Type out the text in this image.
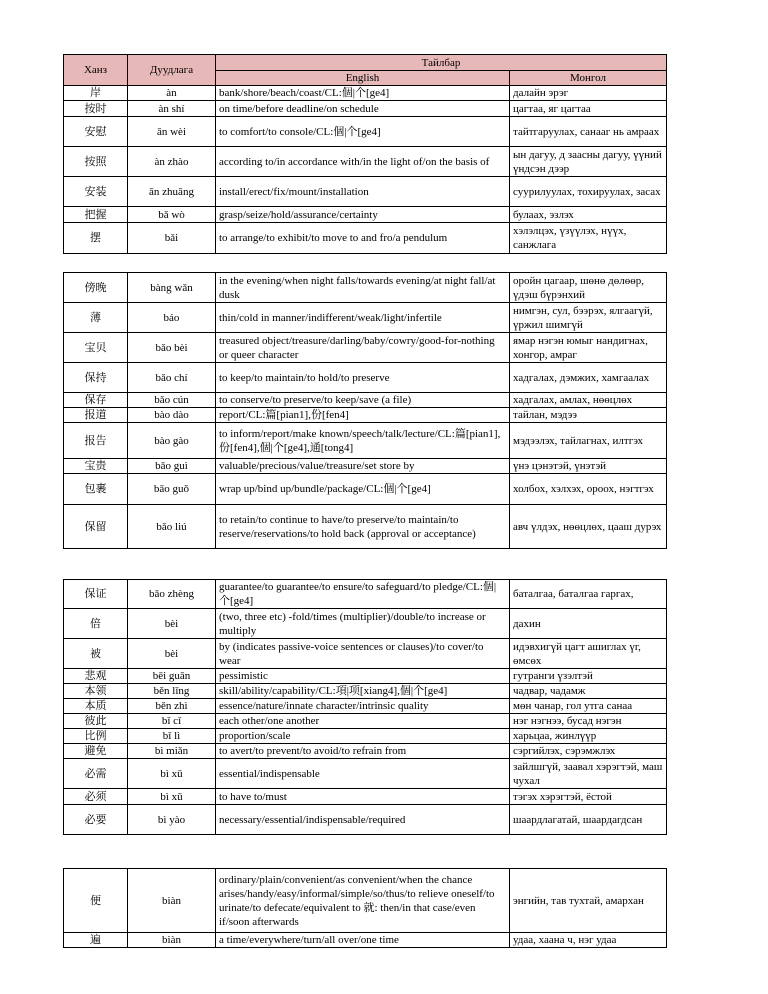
Ханз	Дуудлага	Тайлбар	
		English	Монгол
岸	àn	bank/shore/beach/coast/CL:個|个[ge4]	далайн эрэг
按时	àn shí	on time/before deadline/on schedule	цагтаа, яг цагтаа
安慰	ān wèi	to comfort/to console/CL:個|个[ge4]	тайтгаруулах, санааг нь амраах
按照	àn zhào	according to/in accordance with/in the light of/on the basis of	ын дагуу, д заасны дагуу, үүний үндсэн дээр
安装	ān zhuāng	install/erect/fix/mount/installation	суурилуулах, тохируулах, засах
把握	bǎ wò	grasp/seize/hold/assurance/certainty	булаах, эзлэх
摆	bǎi	to arrange/to exhibit/to move to and fro/a pendulum	хэлэлцэх, үзүүлэх, нүүх, санжлага
傍晚	bàng wǎn	in the evening/when night falls/towards evening/at night fall/at dusk	оройн цагаар, шөнө дөлөөр, үдэш бүрэнхий
薄	báo	thin/cold in manner/indifferent/weak/light/infertile	нимгэн, сул, бээрэх, ялгаагүй, үржил шимгүй
宝贝	bǎo bèi	treasured object/treasure/darling/baby/cowry/good-for-nothing or queer character	ямар нэгэн юмыг нандигнах, хонгор, амраг
保持	bǎo chí	to keep/to maintain/to hold/to preserve	хадгалах, дэмжих, хамгаалах
保存	bǎo cún	to conserve/to preserve/to keep/save (a file)	хадгалах, амлах, нөөцлөх
报道	bào dào	report/CL:篇[pian1],份[fen4]	тайлан, мэдээ
报告	bào gào	to inform/report/make known/speech/talk/lecture/CL:篇[pian1],份[fen4],個|个[ge4],通[tong4]	мэдээлэх, тайлагнах, илтгэх
宝贵	bǎo guì	valuable/precious/value/treasure/set store by	үнэ цэнэтэй, үнэтэй
包裹	bāo guǒ	wrap up/bind up/bundle/package/CL:個|个[ge4]	холбох, хэлхэх, ороох, нэгтгэх
保留	bǎo liú	to retain/to continue to have/to preserve/to maintain/to reserve/reservations/to hold back (approval or acceptance)	авч үлдэх, нөөцлөх, цааш дурэх
保证	bǎo zhèng	guarantee/to guarantee/to ensure/to safeguard/to pledge/CL:個|个[ge4]	баталгаа, баталгаа гаргах,
倍	bèi	(two, three etc) -fold/times (multiplier)/double/to increase or multiply	дахин
被	bèi	by (indicates passive-voice sentences or clauses)/to cover/to wear	идэвхигүй цагт ашиглах үг, өмсөх
悲观	bēi guān	pessimistic	гутранги үзэлтэй
本领	běn lǐng	skill/ability/capability/CL:項|项[xiang4],個|个[ge4]	чадвар, чадамж
本质	běn zhì	essence/nature/innate character/intrinsic quality	мөн чанар, гол утга санаа
彼此	bǐ cǐ	each other/one another	нэг нэгнээ, бусад нэгэн
比例	bǐ lì	proportion/scale	харьцаа, жинлүүр
避免	bì miǎn	to avert/to prevent/to avoid/to refrain from	сэргийлэх, сэрэмжлэх
必需	bì xū	essential/indispensable	зайлшгүй, заавал хэрэгтэй, маш чухал
必须	bì xū	to have to/must	тэгэх хэрэгтэй, ёстой
必要	bì yào	necessary/essential/indispensable/required	шаардлагатай, шаардагдсан
便	biàn	ordinary/plain/convenient/as convenient/when the chance arises/handy/easy/informal/simple/so/thus/to relieve oneself/to urinate/to defecate/equivalent to 就: then/in that case/even if/soon afterwards	энгийн, тав тухтай, амархан
遍	biàn	a time/everywhere/turn/all over/one time	удаа, хаана ч, нэг удаа
